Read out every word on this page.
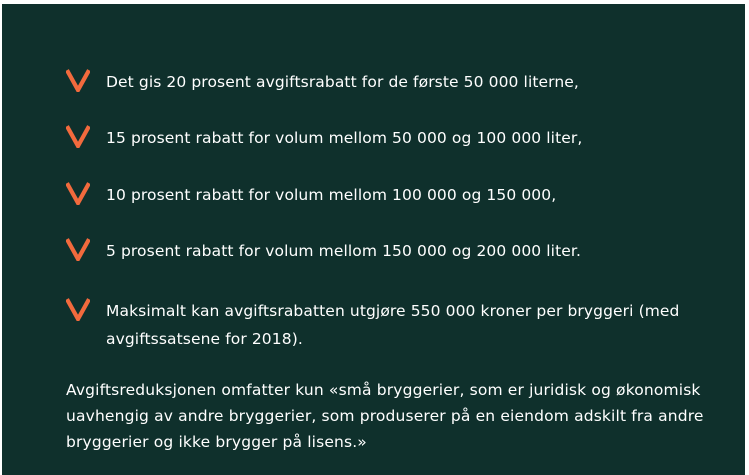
Det gis 20 prosent avgiftsrabatt for de første 50 000 literne,
15 prosent rabatt for volum mellom 50 000 og 100 000 liter,
10 prosent rabatt for volum mellom 100 000 og 150 000,
5 prosent rabatt for volum mellom 150 000 og 200 000 liter.
Maksimalt kan avgiftsrabatten utgjøre 550 000 kroner per bryggeri (med avgiftssatsene for 2018).

Avgiftsreduksjonen omfatter kun «små bryggerier, som er juridisk og økonomisk uavhengig av andre bryggerier, som produserer på en eiendom adskilt fra andre bryggerier og ikke brygger på lisens.»
